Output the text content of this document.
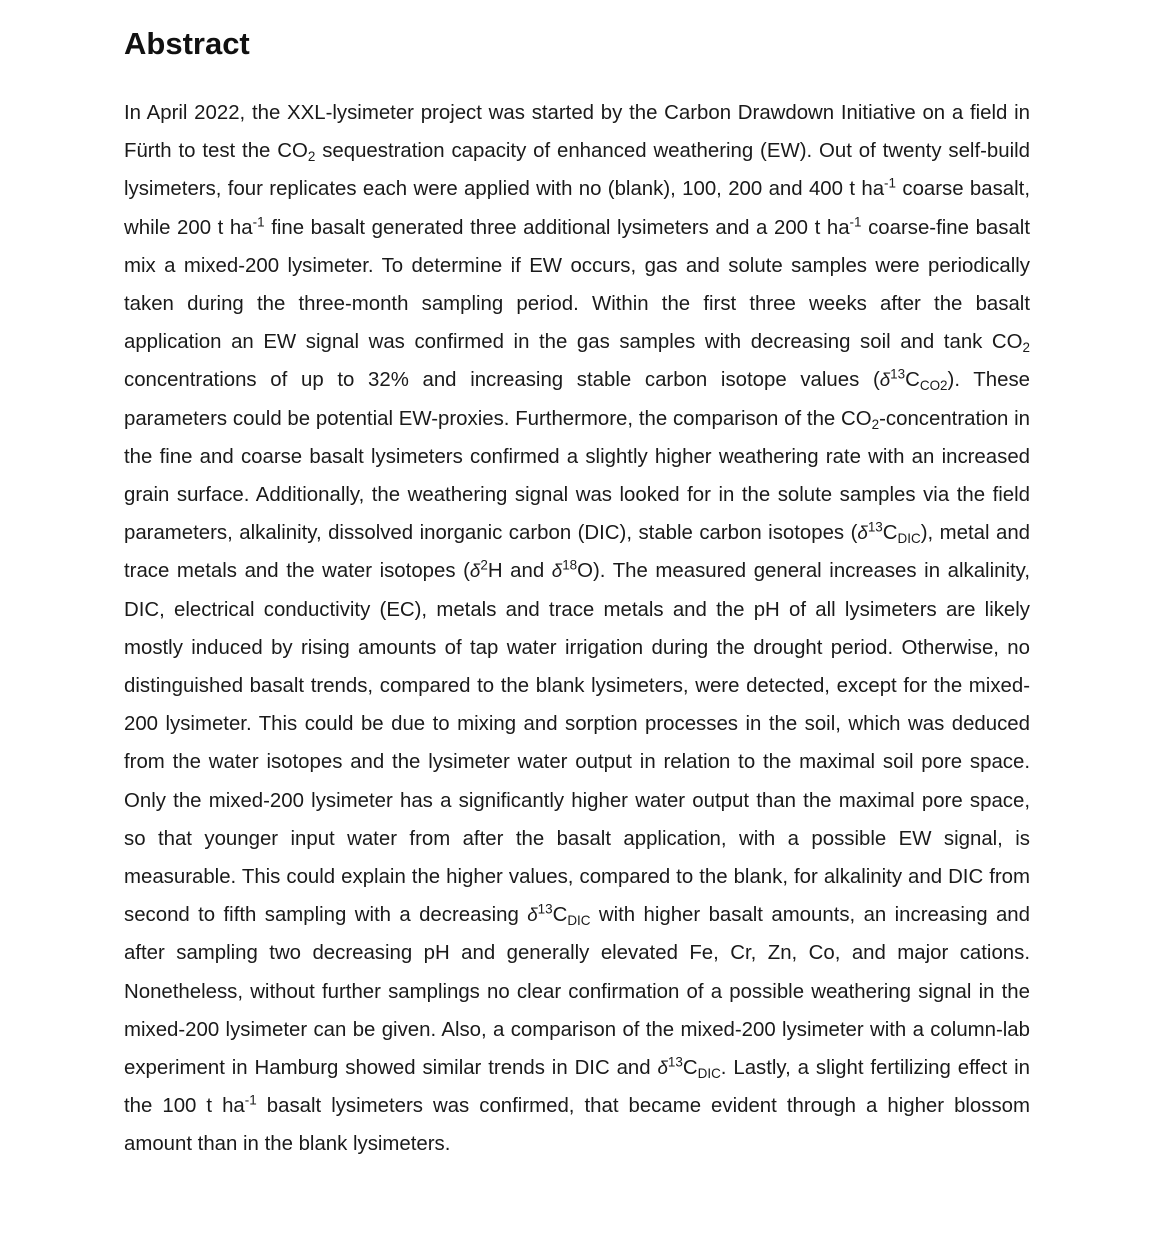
Abstract

In April 2022, the XXL-lysimeter project was started by the Carbon Drawdown Initiative on a field in Fürth to test the $CO_2$ sequestration capacity of enhanced weathering (EW). Out of twenty self-build lysimeters, four replicates each were applied with no (blank), 100, 200 and 400 t $ha^{-1}$ coarse basalt, while 200 t $ha^{-1}$ fine basalt generated three additional lysimeters and a 200 t $ha^{-1}$ coarse-fine basalt mix a mixed-200 lysimeter. To determine if EW occurs, gas and solute samples were periodically taken during the three-month sampling period. Within the first three weeks after the basalt application an EW signal was confirmed in the gas samples with decreasing soil and tank $CO_2$ concentrations of up to 32% and increasing stable carbon isotope values $(\delta^{13}C_{CO2})$. These parameters could be potential EW-proxies. Furthermore, the comparison of the $CO_2$-concentration in the fine and coarse basalt lysimeters confirmed a slightly higher weathering rate with an increased grain surface. Additionally, the weathering signal was looked for in the solute samples via the field parameters, alkalinity, dissolved inorganic carbon (DIC), stable carbon isotopes $(\delta^{13}C_{DIC})$, metal and trace metals and the water isotopes ($\delta^2H$ and $\delta^{18}O$). The measured general increases in alkalinity, DIC, electrical conductivity (EC), metals and trace metals and the pH of all lysimeters are likely mostly induced by rising amounts of tap water irrigation during the drought period. Otherwise, no distinguished basalt trends, compared to the blank lysimeters, were detected, except for the mixed-200 lysimeter. This could be due to mixing and sorption processes in the soil, which was deduced from the water isotopes and the lysimeter water output in relation to the maximal soil pore space. Only the mixed-200 lysimeter has a significantly higher water output than the maximal pore space, so that younger input water from after the basalt application, with a possible EW signal, is measurable. This could explain the higher values, compared to the blank, for alkalinity and DIC from second to fifth sampling with a decreasing $\delta^{13}C_{DIC}$ with higher basalt amounts, an increasing and after sampling two decreasing pH and generally elevated Fe, Cr, Zn, Co, and major cations. Nonetheless, without further samplings no clear confirmation of a possible weathering signal in the mixed-200 lysimeter can be given. Also, a comparison of the mixed-200 lysimeter with a column-lab experiment in Hamburg showed similar trends in DIC and $\delta^{13}C_{DIC}$. Lastly, a slight fertilizing effect in the 100 t $ha^{-1}$ basalt lysimeters was confirmed, that became evident through a higher blossom amount than in the blank lysimeters.
